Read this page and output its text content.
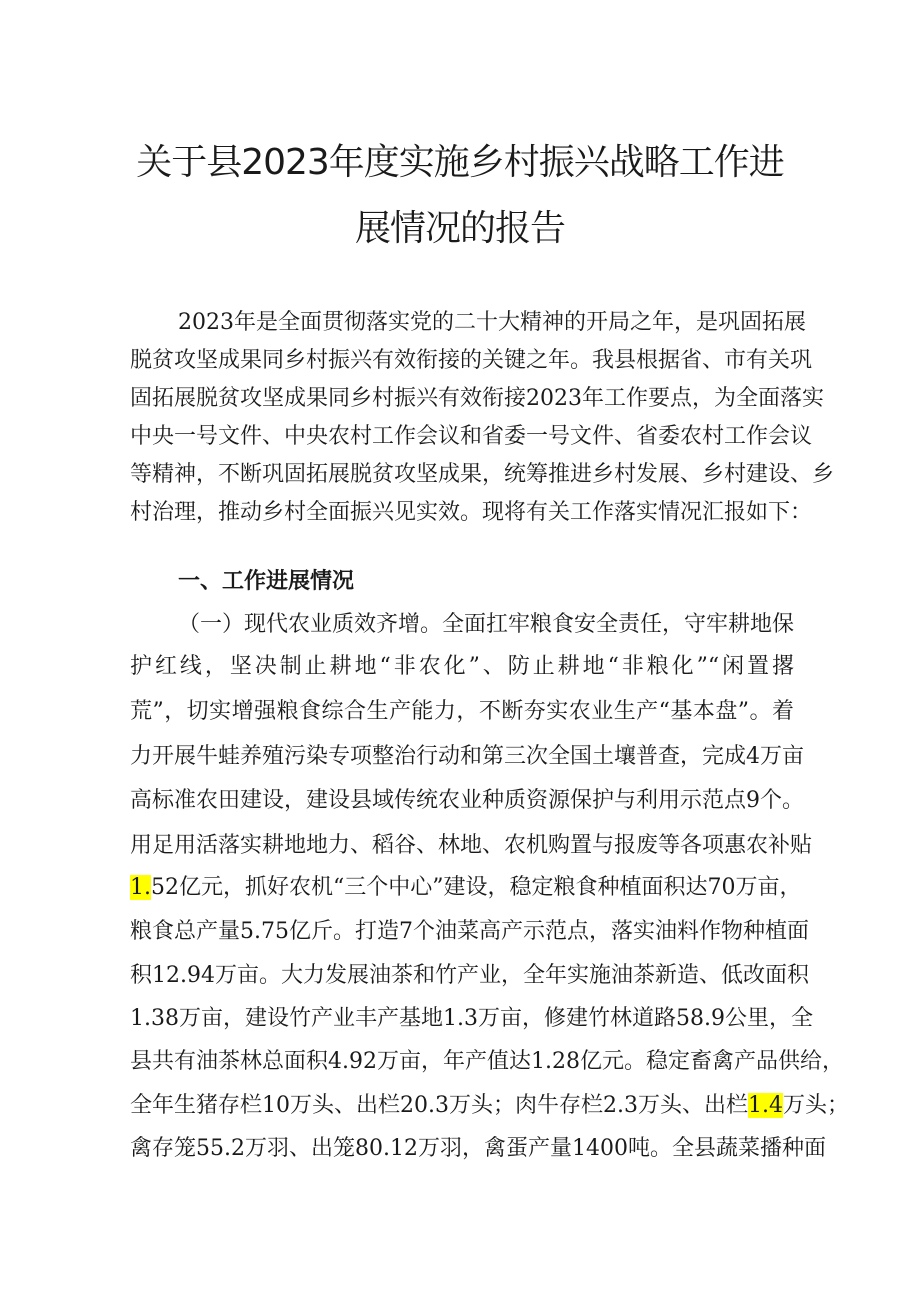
关于县2023年度实施乡村振兴战略工作进
展情况的报告
2023年是全面贯彻落实党的二十大精神的开局之年，是巩固拓展
脱贫攻坚成果同乡村振兴有效衔接的关键之年。我县根据省、市有关巩
固拓展脱贫攻坚成果同乡村振兴有效衔接2023年工作要点，为全面落实
中央一号文件、中央农村工作会议和省委一号文件、省委农村工作会议
等精神，不断巩固拓展脱贫攻坚成果，统筹推进乡村发展、乡村建设、乡
村治理，推动乡村全面振兴见实效。现将有关工作落实情况汇报如下：
一、工作进展情况
（一）现代农业质效齐增。全面扛牢粮食安全责任，守牢耕地保
护红线，坚决制止耕地“非农化”、防止耕地“非粮化”“闲置撂
荒”，切实增强粮食综合生产能力，不断夯实农业生产“基本盘”。着
力开展牛蛙养殖污染专项整治行动和第三次全国土壤普查，完成4万亩
高标准农田建设，建设县域传统农业种质资源保护与利用示范点9个。
用足用活落实耕地地力、稻谷、林地、农机购置与报废等各项惠农补贴
1.52亿元，抓好农机“三个中心”建设，稳定粮食种植面积达70万亩，
粮食总产量5.75亿斤。打造7个油菜高产示范点，落实油料作物种植面
积12.94万亩。大力发展油茶和竹产业，全年实施油茶新造、低改面积
1.38万亩，建设竹产业丰产基地1.3万亩，修建竹林道路58.9公里，全
县共有油茶林总面积4.92万亩，年产值达1.28亿元。稳定畜禽产品供给，
全年生猪存栏10万头、出栏20.3万头；肉牛存栏2.3万头、出栏1.4万头；
禽存笼55.2万羽、出笼80.12万羽，禽蛋产量1400吨。全县蔬菜播种面
